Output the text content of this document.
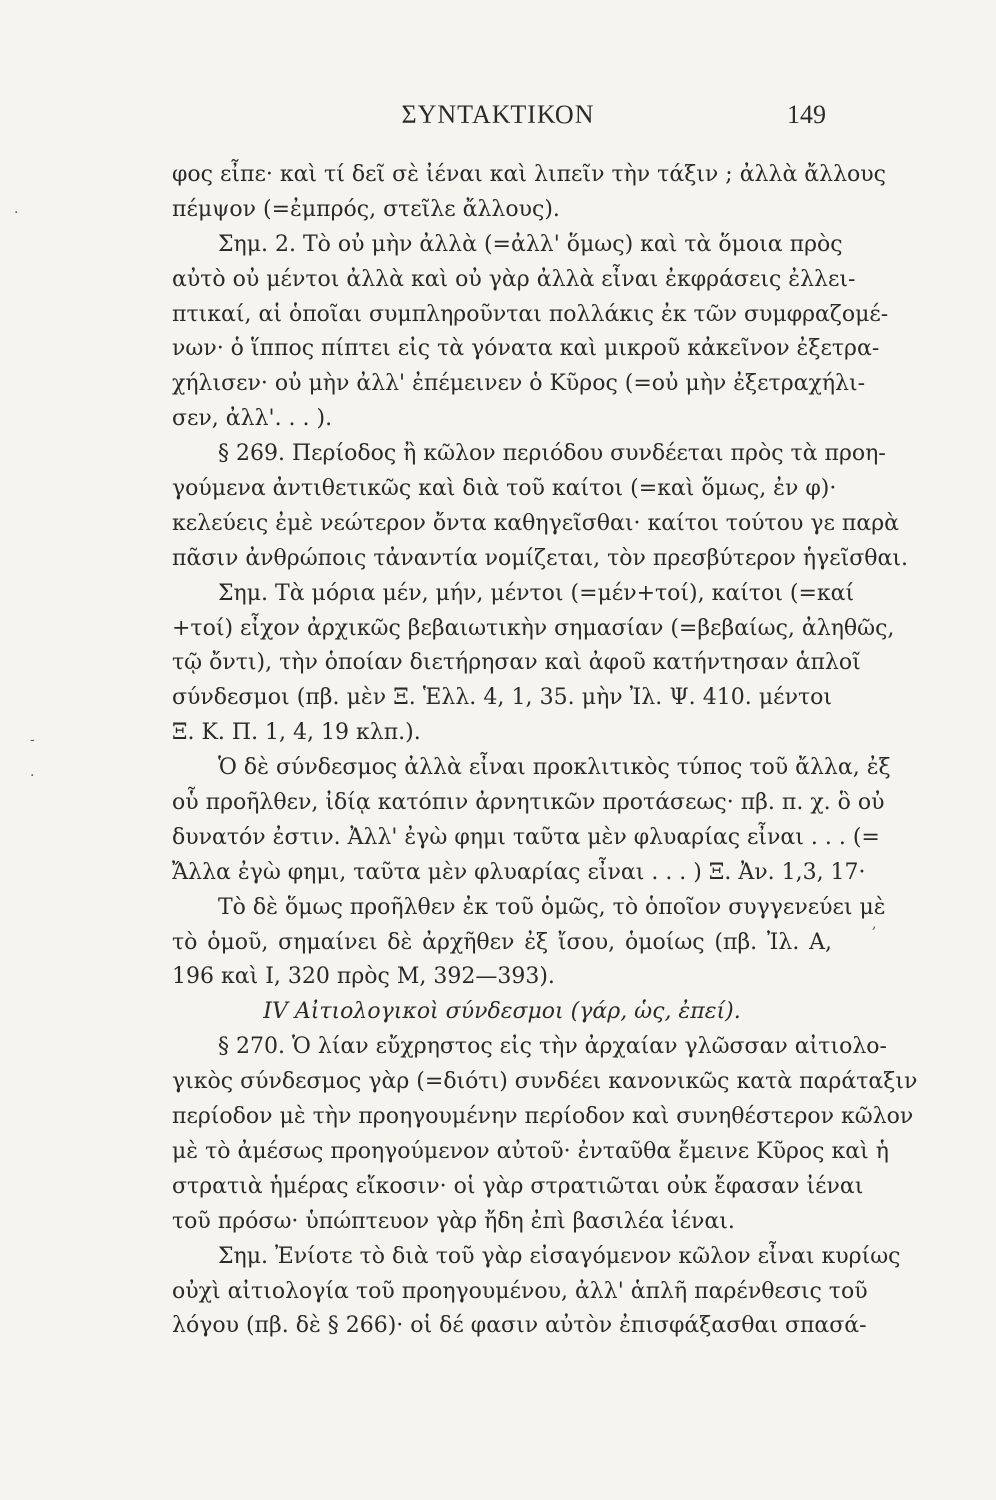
ΣΥΝΤΑΚΤΙΚΟΝ	149
φος εἶπε· καὶ τί δεῖ σὲ ἰέναι καὶ λιπεῖν τὴν τάξιν ; ἀλλὰ ἄλλους
πέμψον (=ἐμπρός, στεῖλε ἄλλους).
Σημ. 2. Τὸ οὐ μὴν ἀλλὰ (=ἀλλ' ὅμως) καὶ τὰ ὅμοια πρὸς
αὐτὸ οὐ μέντοι ἀλλὰ καὶ οὐ γὰρ ἀλλὰ εἶναι ἐκφράσεις ἐλλει-
πτικαί, αἱ ὁποῖαι συμπληροῦνται πολλάκις ἐκ τῶν συμφραζομέ-
νων· ὁ ἵππος πίπτει εἰς τὰ γόνατα καὶ μικροῦ κἀκεῖνον ἐξετρα-
χήλισεν· οὐ μὴν ἀλλ' ἐπέμεινεν ὁ Κῦρος (=οὐ μὴν ἐξετραχήλι-
σεν, ἀλλ'. . . ).
§ 269. Περίοδος ἢ κῶλον περιόδου συνδέεται πρὸς τὰ προη-
γούμενα ἀντιθετικῶς καὶ διὰ τοῦ καίτοι (=καὶ ὅμως, ἐν φ)·
κελεύεις ἐμὲ νεώτερον ὄντα καθηγεῖσθαι· καίτοι τούτου γε παρὰ
πᾶσιν ἀνθρώποις τἀναντία νομίζεται, τὸν πρεσβύτερον ἡγεῖσθαι.
Σημ. Τὰ μόρια μέν, μήν, μέντοι (=μέν+τοί), καίτοι (=καί
+τοί) εἶχον ἀρχικῶς βεβαιωτικὴν σημασίαν (=βεβαίως, ἀληθῶς,
τῷ ὄντι), τὴν ὁποίαν διετήρησαν καὶ ἀφοῦ κατήντησαν ἁπλοῖ
σύνδεσμοι (πβ. μὲν Ξ. Ἑλλ. 4, 1, 35. μὴν Ἰλ. Ψ. 410. μέντοι
Ξ. Κ. Π. 1, 4, 19 κλπ.).
Ὁ δὲ σύνδεσμος ἀλλὰ εἶναι προκλιτικὸς τύπος τοῦ ἄλλα, ἐξ
οὗ προῆλθεν, ἰδίᾳ κατόπιν ἀρνητικῶν προτάσεως· πβ. π. χ. ὃ οὐ
δυνατόν ἐστιν. Ἀλλ' ἐγὼ φημι ταῦτα μὲν φλυαρίας εἶναι . . . (=
Ἄλλα ἐγὼ φημι, ταῦτα μὲν φλυαρίας εἶναι . . . ) Ξ. Ἀν. 1,3, 17·
Τὸ δὲ ὅμως προῆλθεν ἐκ τοῦ ὁμῶς, τὸ ὁποῖον συγγενεύει μὲ
τὸ ὁμοῦ, σημαίνει δὲ ἀρχῆθεν ἐξ ἴσου, ὁμοίως (πβ. Ἰλ. Α,
196 καὶ Ι, 320 πρὸς Μ, 392—393).
IV Αἰτιολογικοὶ σύνδεσμοι (γάρ, ὡς, ἐπεί).
§ 270. Ὁ λίαν εὔχρηστος εἰς τὴν ἀρχαίαν γλῶσσαν αἰτιολο-
γικὸς σύνδεσμος γὰρ (=διότι) συνδέει κανονικῶς κατὰ παράταξιν
περίοδον μὲ τὴν προηγουμένην περίοδον καὶ συνηθέστερον κῶλον
μὲ τὸ ἀμέσως προηγούμενον αὐτοῦ· ἐνταῦθα ἔμεινε Κῦρος καὶ ἡ
στρατιὰ ἡμέρας εἴκοσιν· οἱ γὰρ στρατιῶται οὐκ ἔφασαν ἰέναι
τοῦ πρόσω· ὑπώπτευον γὰρ ἤδη ἐπὶ βασιλέα ἰέναι.
Σημ. Ἐνίοτε τὸ διὰ τοῦ γὰρ εἰσαγόμενον κῶλον εἶναι κυρίως
οὐχὶ αἰτιολογία τοῦ προηγουμένου, ἀλλ' ἁπλῆ παρένθεσις τοῦ
λόγου (πβ. δὲ § 266)· οἱ δέ φασιν αὐτὸν ἐπισφάξασθαι σπασά-
·
-
·
,
